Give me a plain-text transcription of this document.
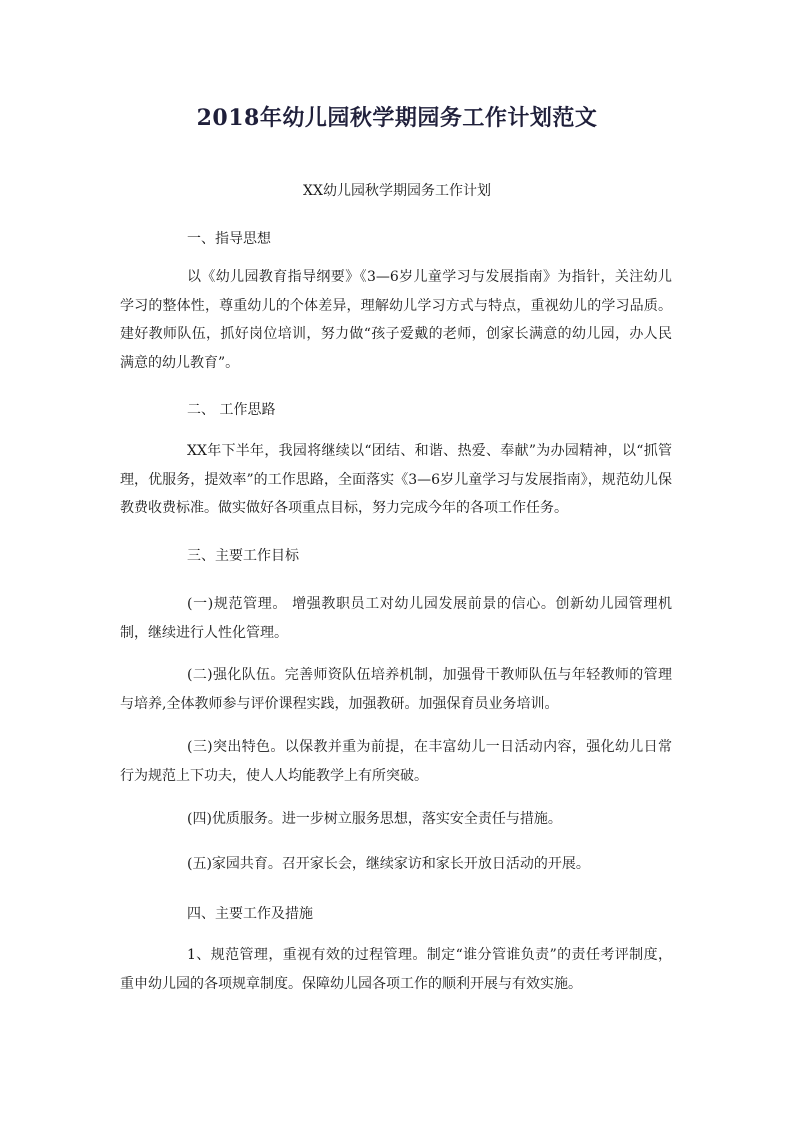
2018年幼儿园秋学期园务工作计划范文
XX幼儿园秋学期园务工作计划
一、指导思想
以《幼儿园教育指导纲要》《3—6岁儿童学习与发展指南》为指针，关注幼儿学习的整体性，尊重幼儿的个体差异，理解幼儿学习方式与特点，重视幼儿的学习品质。建好教师队伍，抓好岗位培训，努力做“孩子爱戴的老师，创家长满意的幼儿园，办人民满意的幼儿教育”。
二、 工作思路
XX年下半年，我园将继续以“团结、和谐、热爱、奉献”为办园精神，以“抓管理，优服务，提效率”的工作思路，全面落实《3—6岁儿童学习与发展指南》，规范幼儿保教费收费标准。做实做好各项重点目标，努力完成今年的各项工作任务。
三、主要工作目标
(一)规范管理。 增强教职员工对幼儿园发展前景的信心。创新幼儿园管理机制，继续进行人性化管理。
(二)强化队伍。完善师资队伍培养机制，加强骨干教师队伍与年轻教师的管理与培养,全体教师参与评价课程实践，加强教研。加强保育员业务培训。
(三)突出特色。以保教并重为前提，在丰富幼儿一日活动内容，强化幼儿日常行为规范上下功夫，使人人均能教学上有所突破。
(四)优质服务。进一步树立服务思想，落实安全责任与措施。
(五)家园共育。召开家长会，继续家访和家长开放日活动的开展。
四、主要工作及措施
1、规范管理，重视有效的过程管理。制定“谁分管谁负责”的责任考评制度，重申幼儿园的各项规章制度。保障幼儿园各项工作的顺利开展与有效实施。
